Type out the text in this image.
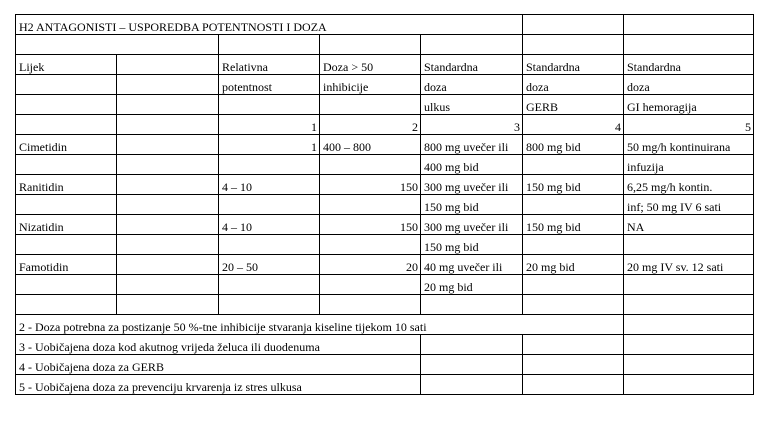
H2 ANTAGONISTI – USPOREDBA POTENTNOSTI I DOZA						

Lijek		Relativna	Doza > 50	Standardna	Standardna	Standardna
		potentnost	inhibicije	doza	doza	doza
				ulkus	GERB	GI hemoragija
		1	2	3	4	5
Cimetidin		1	400 – 800	800 mg uvečer ili	800 mg bid	50 mg/h kontinuirana
				400 mg bid		infuzija
Ranitidin		4 – 10	150	300 mg uvečer ili	150 mg bid	6,25 mg/h kontin.
				150 mg bid		inf; 50 mg IV 6 sati
Nizatidin		4 – 10	150	300 mg uvečer ili	150 mg bid	NA
				150 mg bid		
Famotidin		20 – 50	20	40 mg uvečer ili	20 mg bid	20 mg IV sv. 12 sati
				20 mg bid		

2 - Doza potrebna za postizanje 50 %-tne inhibicije stvaranja kiseline tijekom 10 sati						
3 - Uobičajena doza kod akutnog vrijeda želuca ili duodenuma						
4 - Uobičajena doza za GERB						
5 - Uobičajena doza za prevenciju krvarenja iz stres ulkusa						
